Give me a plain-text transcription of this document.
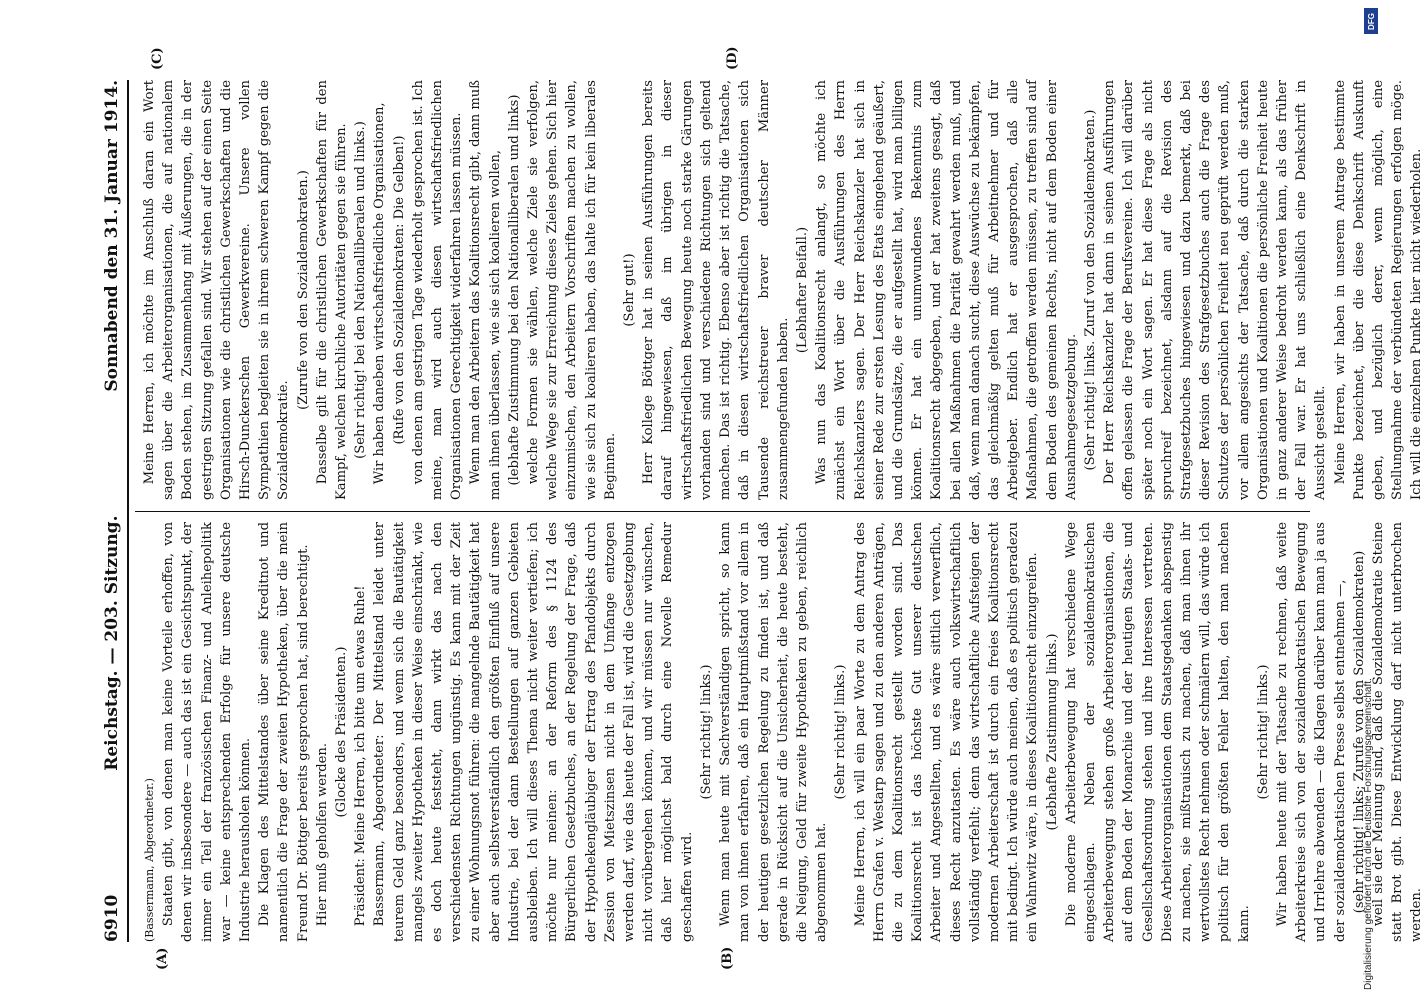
6910
Reichstag. — 203. Sitzung.
Sonnabend den 31. Januar 1914.

(Bassermann, Abgeordneter.) Staaten gibt, von denen man keine Vorteile erhoffen, von denen wir insbesondere — auch das ist ein Gesichtspunkt, der immer ein Teil der französischen Finanz- und Anleihepolitik war — keine entsprechenden Erfolge für unsere deutsche Industrie herausholen können. Die Klagen des Mittelstandes über seine Kreditnot und namentlich die Frage der zweiten Hypotheken, über die mein Freund Dr. Böttger bereits gesprochen hat, sind berechtigt. Hier muß geholfen werden.

(Glocke des Präsidenten.) Präsident: Meine Herren, ich bitte um etwas Ruhe! Bassermann, Abgeordneter: Der Mittelstand leidet unter teurem Geld ganz besonders, und wenn sich die Bautätigkeit mangels zweiter Hypotheken in dieser Weise einschränkt, wie es doch heute feststeht, dann wirkt das nach den verschiedensten Richtungen ungünstig. Es kann mit der Zeit zu einer Wohnungsnot führen: die mangelnde Bautätigkeit hat aber auch selbstverständlich den größten Einfluß auf unsere Industrie, bei der dann Bestellungen auf ganzen Gebieten ausbleiben. Ich will dieses Thema nicht weiter vertiefen; ich möchte nur meinen: an der Reform des § 1124 des Bürgerlichen Gesetzbuches, an der Regelung der Frage, daß der Hypothekengläubiger der Ertrag des Pfandobjekts durch Zession von Mietszinsen nicht in dem Umfange entzogen werden darf, wie das heute der Fall ist, wird die Gesetzgebung nicht vorübergehen können, und wir müssen nur wünschen, daß hier möglichst bald durch eine Novelle Remedur geschaffen wird.

(Sehr richtig! links.) Wenn man heute mit Sachverständigen spricht, so kann man von ihnen erfahren, daß ein Hauptmißstand vor allem in der heutigen gesetzlichen Regelung zu finden ist, und daß gerade in Rücksicht auf die Unsicherheit, die heute besteht, die Neigung, Geld für zweite Hypotheken zu geben, reichlich abgenommen hat.

(Sehr richtig! links.) Meine Herren, ich will ein paar Worte zu dem Antrag des Herrn Grafen v. Westarp sagen und zu den anderen Anträgen, die zu dem Koalitionsrecht gestellt worden sind. Das Koalitionsrecht ist das höchste Gut unserer deutschen Arbeiter und Angestellten, und es wäre sittlich verwerflich, dieses Recht anzutasten. Es wäre auch volkswirtschaftlich vollständig verfehlt; denn das wirtschaftliche Aufsteigen der modernen Arbeiterschaft ist durch ein freies Koalitionsrecht mit bedingt. Ich würde auch meinen, daß es politisch geradezu ein Wahnwitz wäre, in dieses Koalitionsrecht einzugreifen. (Lebhafte Zustimmung links.) Die moderne Arbeiterbewegung hat verschiedene Wege eingeschlagen. Neben der sozialdemokratischen Arbeiterbewegung stehen große Arbeiterorganisationen, die auf dem Boden der Monarchie und der heutigen Staats- und Gesellschaftsordnung stehen und ihre Interessen vertreten. Diese Arbeiterorganisationen dem Staatsgedanken abspenstig zu machen, sie mißtrauisch zu machen, daß man ihnen ihr wertvollstes Recht nehmen oder schmälern will, das würde ich politisch für den größten Fehler halten, den man machen kann.

(Sehr richtig! links.) Wir haben heute mit der Tatsache zu rechnen, daß weite Arbeiterkreise sich von der sozialdemokratischen Bewegung und Irrlehre abwenden — die Klagen darüber kann man ja aus der sozialdemokratischen Presse selbst entnehmen —, (sehr richtig! links; Zurufe von den Sozialdemokraten) weil sie der Meinung sind, daß die Sozialdemokratie Steine statt Brot gibt. Diese Entwicklung darf nicht unterbrochen werden.

Meine Herren, ich möchte im Anschluß daran ein Wort sagen über die Arbeiterorganisationen, die auf nationalem Boden stehen, im Zusammenhang mit Äußerungen, die in der gestrigen Sitzung gefallen sind. Wir stehen auf der einen Seite Organisationen wie die christlichen Gewerkschaften und die Hirsch-Dunckerschen Gewerkvereine. Unsere vollen Sympathien begleiten sie in ihrem schweren Kampf gegen die Sozialdemokratie.

(Zurufe von den Sozialdemokraten.) Dasselbe gilt für die christlichen Gewerkschaften für den Kampf, welchen kirchliche Autoritäten gegen sie führen. (Sehr richtig! bei den Nationalliberalen und links.) Wir haben daneben wirtschaftsfriedliche Organisationen, (Rufe von den Sozialdemokraten: Die Gelben!) von denen am gestrigen Tage wiederholt gesprochen ist. Ich meine, man wird auch diesen wirtschaftsfriedlichen Organisationen Gerechtigkeit widerfahren lassen müssen. Wenn man den Arbeitern das Koalitionsrecht gibt, dann muß man ihnen überlassen, wie sie sich koalieren wollen, (lebhafte Zustimmung bei den Nationalliberalen und links) welche Formen sie wählen, welche Ziele sie verfolgen, welche Wege sie zur Erreichung dieses Zieles gehen. Sich hier einzumischen, den Arbeitern Vorschriften machen zu wollen, wie sie sich zu koalieren haben, das halte ich für kein liberales Beginnen.

(Sehr gut!) Herr Kollege Böttger hat in seinen Ausführungen bereits darauf hingewiesen, daß im übrigen in dieser wirtschaftsfriedlichen Bewegung heute noch starke Gärungen vorhanden sind und verschiedene Richtungen sich geltend machen. Das ist richtig. Ebenso aber ist richtig die Tatsache, daß in diesen wirtschaftsfriedlichen Organisationen sich Tausende reichstreuer braver deutscher Männer zusammengefunden haben.

(Lebhafter Beifall.) Was nun das Koalitionsrecht anlangt, so möchte ich zunächst ein Wort über die Ausführungen des Herrn Reichskanzlers sagen. Der Herr Reichskanzler hat sich in seiner Rede zur ersten Lesung des Etats eingehend geäußert, und die Grundsätze, die er aufgestellt hat, wird man billigen können. Er hat ein unumwundenes Bekenntnis zum Koalitionsrecht abgegeben, und er hat zweitens gesagt, daß bei allen Maßnahmen die Parität gewahrt werden muß, und daß, wenn man danach sucht, diese Auswüchse zu bekämpfen, das gleichmäßig gelten muß für Arbeitnehmer und für Arbeitgeber. Endlich hat er ausgesprochen, daß alle Maßnahmen, die getroffen werden müssen, zu treffen sind auf dem Boden des gemeinen Rechts, nicht auf dem Boden einer Ausnahmegesetzgebung. (Sehr richtig! links. Zuruf von den Sozialdemokraten.) Der Herr Reichskanzler hat dann in seinen Ausführungen offen gelassen die Frage der Berufsvereine. Ich will darüber später noch ein Wort sagen. Er hat diese Frage als nicht spruchreif bezeichnet, alsdann auf die Revision des Strafgesetzbuches hingewiesen und dazu bemerkt, daß bei dieser Revision des Strafgesetzbuches auch die Frage des Schutzes der persönlichen Freiheit neu geprüft werden muß, vor allem angesichts der Tatsache, daß durch die starken Organisationen und Koalitionen die persönliche Freiheit heute in ganz anderer Weise bedroht werden kann, als das früher der Fall war. Er hat uns schließlich eine Denkschrift in Aussicht gestellt. Meine Herren, wir haben in unserem Antrage bestimmte Punkte bezeichnet, über die diese Denkschrift Auskunft geben, und bezüglich derer, wenn möglich, eine Stellungnahme der verbündeten Regierungen erfolgen möge. Ich will die einzelnen Punkte hier nicht wiederholen.

(A)	(B)
(C)	(D)
Digitalisierung gefördert durch die Deutsche Forschungsgemeinschaft.
DFG
